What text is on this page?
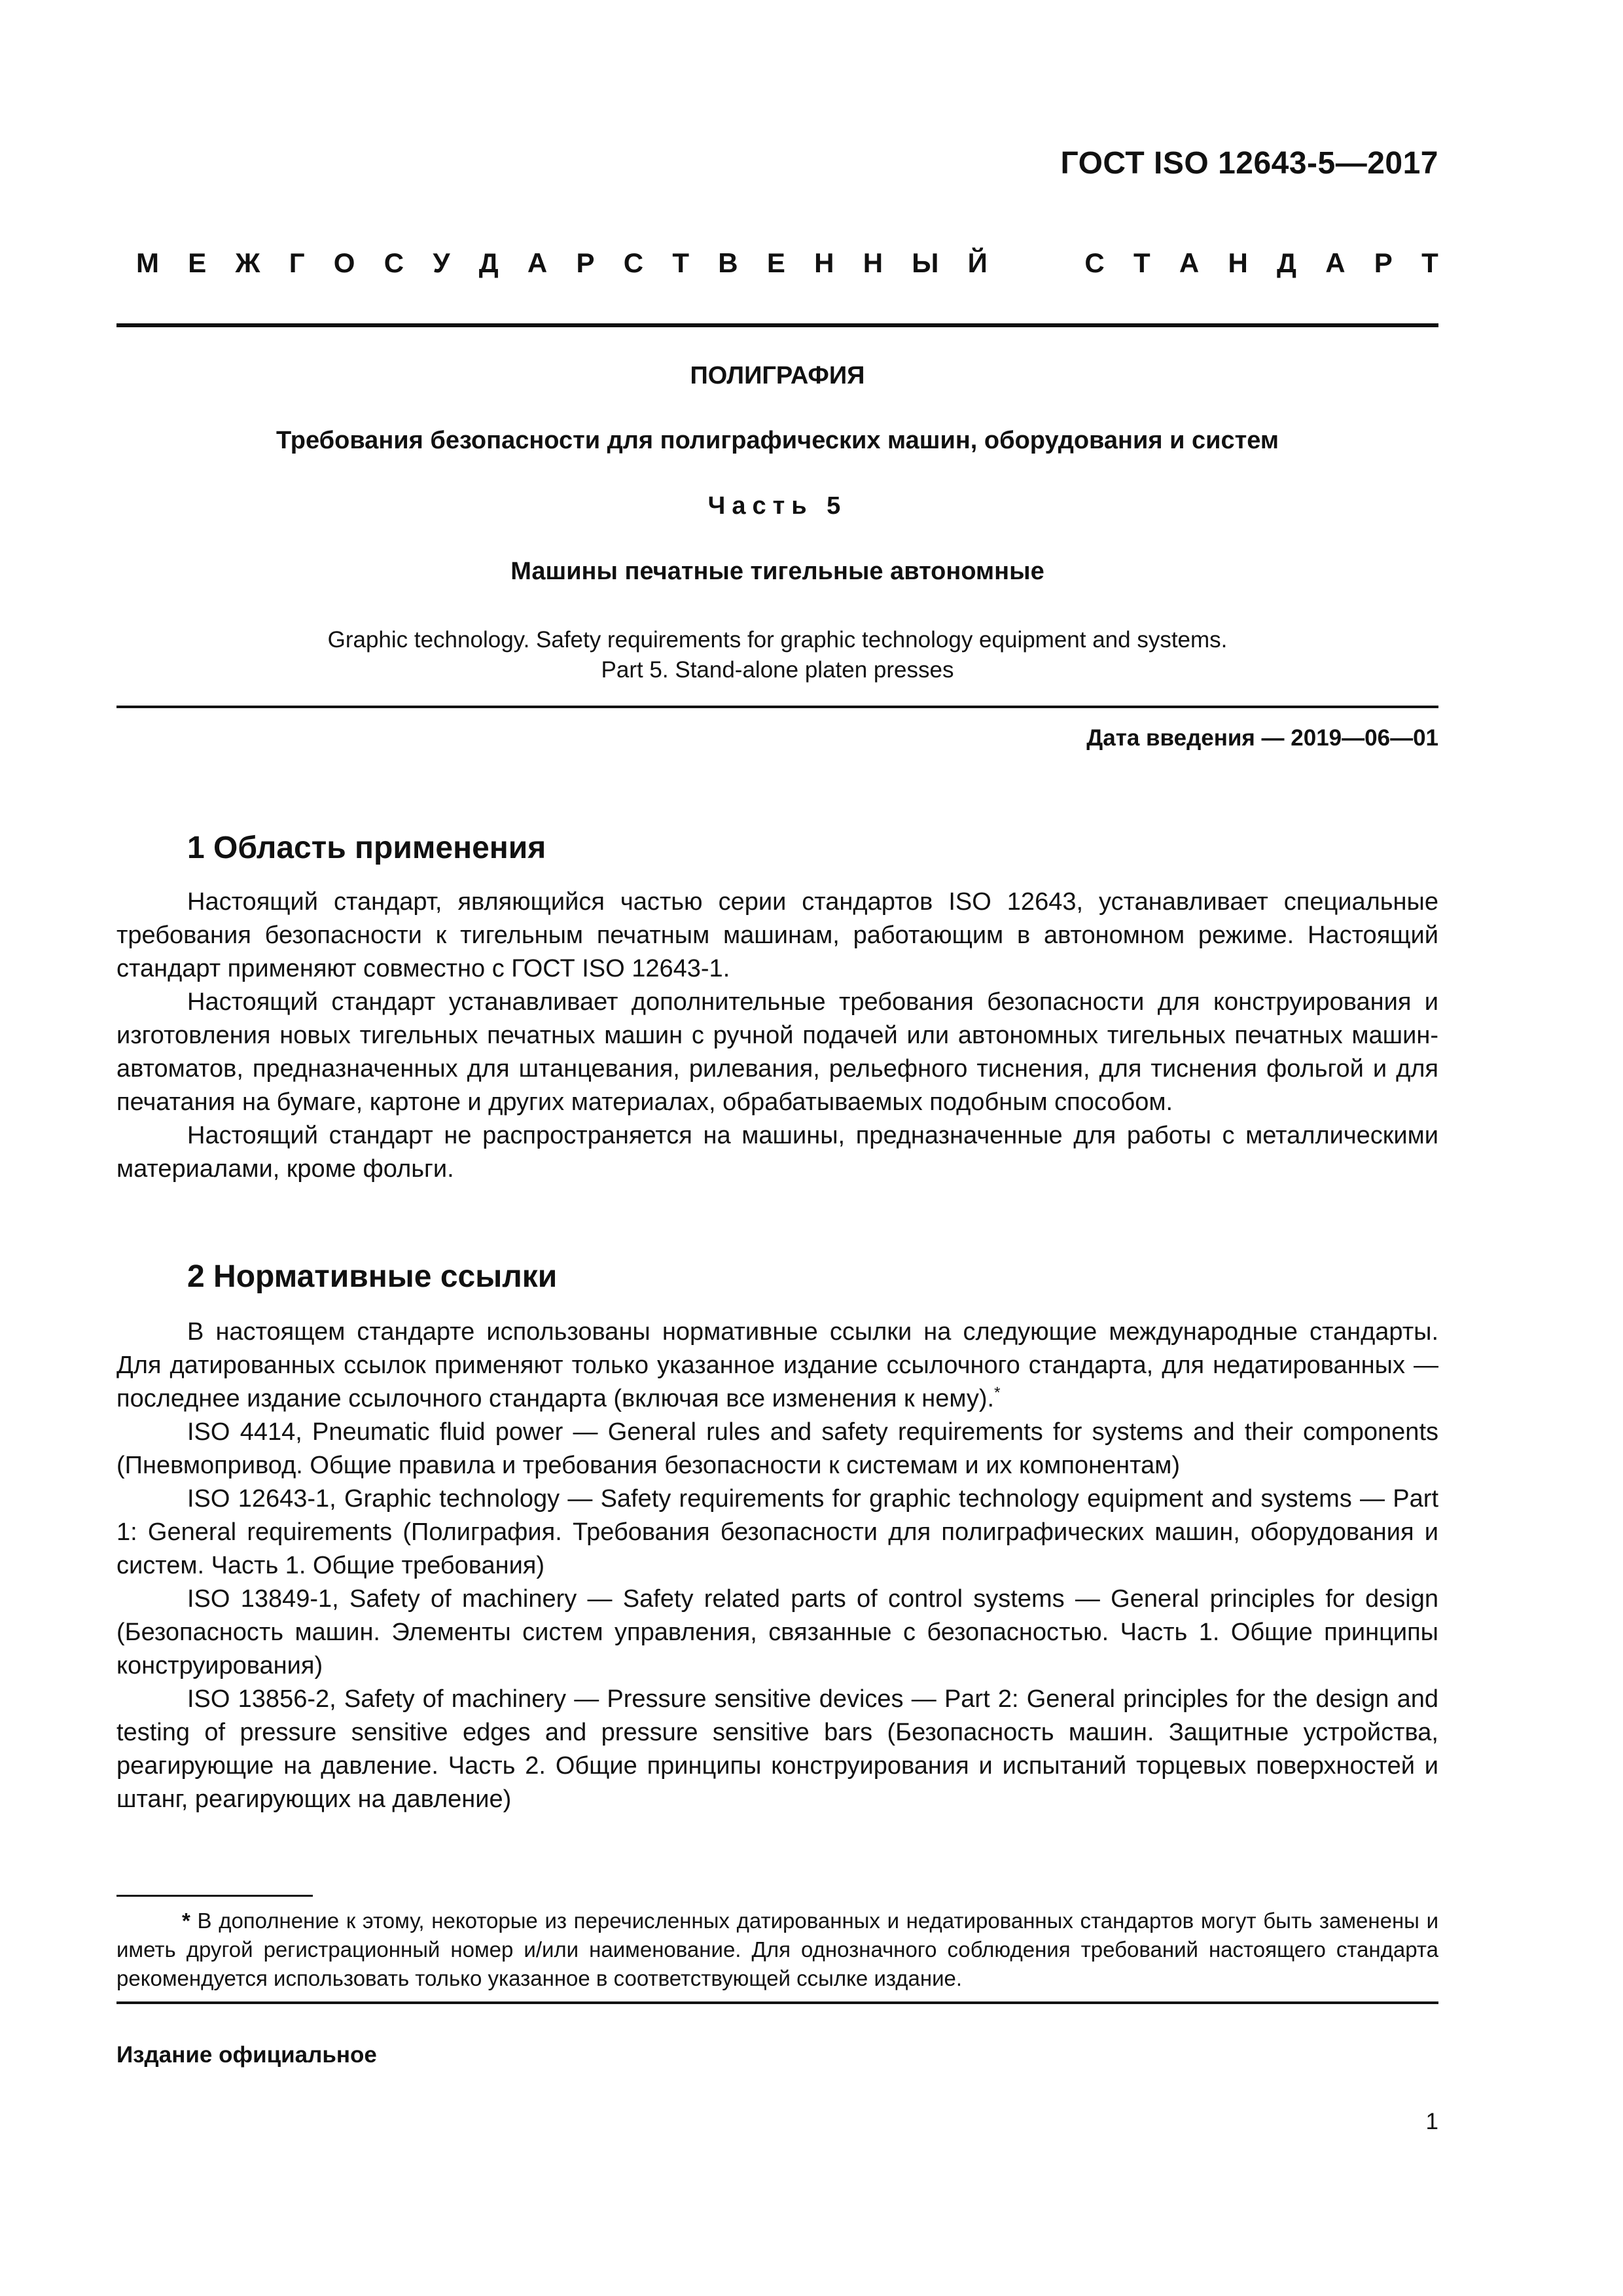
ГОСТ ISO 12643-5—2017
М Е Ж Г О С У Д А Р С Т В Е Н Н Ы Й	С Т А Н Д А Р Т
ПОЛИГРАФИЯ
Требования безопасности для полиграфических машин, оборудования и систем
Часть 5
Машины печатные тигельные автономные
Graphic technology. Safety requirements for graphic technology equipment and systems.
Part 5. Stand-alone platen presses
Дата введения — 2019—06—01
1 Область применения

Настоящий стандарт, являющийся частью серии стандартов ISO 12643, устанавливает специальные требования безопасности к тигельным печатным машинам, работающим в автономном режиме. Настоящий стандарт применяют совместно с ГОСТ ISO 12643-1.

Настоящий стандарт устанавливает дополнительные требования безопасности для конструирования и изготовления новых тигельных печатных машин с ручной подачей или автономных тигельных печатных машин-автоматов, предназначенных для штанцевания, рилевания, рельефного тиснения, для тиснения фольгой и для печатания на бумаге, картоне и других материалах, обрабатываемых подобным способом.

Настоящий стандарт не распространяется на машины, предназначенные для работы с металлическими материалами, кроме фольги.

2 Нормативные ссылки

В настоящем стандарте использованы нормативные ссылки на следующие международные стандарты. Для датированных ссылок применяют только указанное издание ссылочного стандарта, для недатированных — последнее издание ссылочного стандарта (включая все изменения к нему).*

ISO 4414, Pneumatic fluid power — General rules and safety requirements for systems and their components (Пневмопривод. Общие правила и требования безопасности к системам и их компонентам)

ISO 12643-1, Graphic technology — Safety requirements for graphic technology equipment and systems — Part 1: General requirements (Полиграфия. Требования безопасности для полиграфических машин, оборудования и систем. Часть 1. Общие требования)

ISO 13849-1, Safety of machinery — Safety related parts of control systems — General principles for design (Безопасность машин. Элементы систем управления, связанные с безопасностью. Часть 1. Общие принципы конструирования)

ISO 13856-2, Safety of machinery — Pressure sensitive devices — Part 2: General principles for the design and testing of pressure sensitive edges and pressure sensitive bars (Безопасность машин. Защитные устройства, реагирующие на давление. Часть 2. Общие принципы конструирования и испытаний торцевых поверхностей и штанг, реагирующих на давление)

* В дополнение к этому, некоторые из перечисленных датированных и недатированных стандартов могут быть заменены и иметь другой регистрационный номер и/или наименование. Для однозначного соблюдения требований настоящего стандарта рекомендуется использовать только указанное в соответствующей ссылке издание.

Издание официальное
1
